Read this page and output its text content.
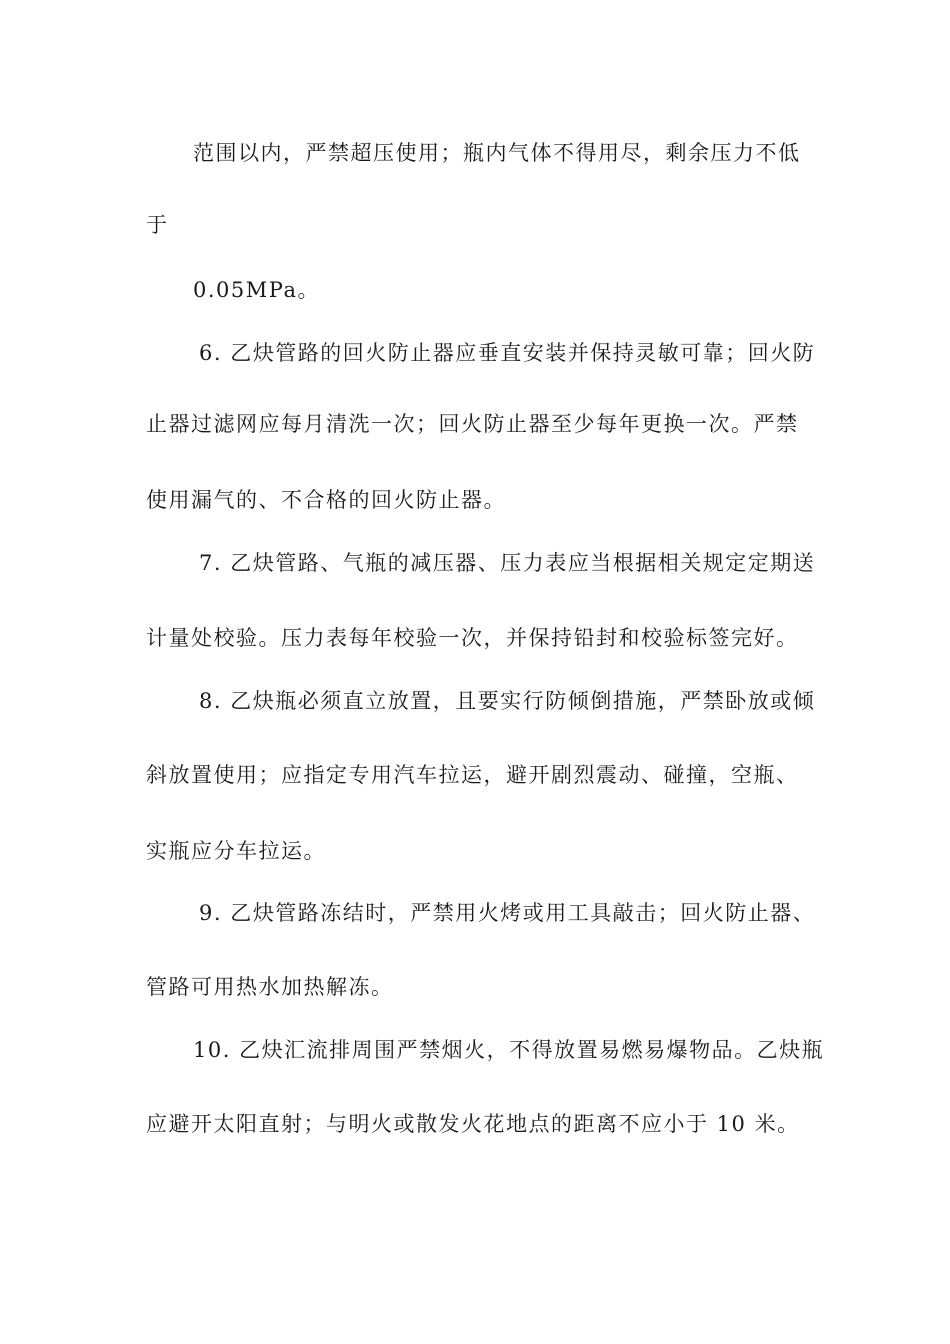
范围以内，严禁超压使用；瓶内气体不得用尽，剩余压力不低
于
0.05MPa。
6. 乙炔管路的回火防止器应垂直安装并保持灵敏可靠；回火防
止器过滤网应每月清洗一次；回火防止器至少每年更换一次。严禁
使用漏气的、不合格的回火防止器。
7. 乙炔管路、气瓶的减压器、压力表应当根据相关规定定期送
计量处校验。压力表每年校验一次，并保持铅封和校验标签完好。
8. 乙炔瓶必须直立放置，且要实行防倾倒措施，严禁卧放或倾
斜放置使用；应指定专用汽车拉运，避开剧烈震动、碰撞，空瓶、
实瓶应分车拉运。
9. 乙炔管路冻结时，严禁用火烤或用工具敲击；回火防止器、
管路可用热水加热解冻。
10. 乙炔汇流排周围严禁烟火，不得放置易燃易爆物品。乙炔瓶
应避开太阳直射；与明火或散发火花地点的距离不应小于 10 米。
